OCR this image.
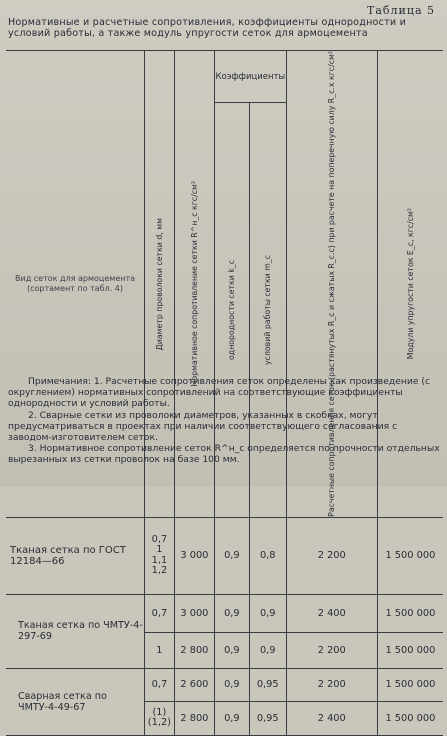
Таблица 5
Нормативные и расчетные сопротивления, коэффициенты однородности и условий работы, а также модуль упругости сеток для армоцемента
Вид сеток для армоцемента (сортамент по табл. 4)	Диаметр проволоки сетки d, мм	Нормативное сопротивление сетки R^н_с кгс/см²	Коэффициенты		Расчетные сопротивления сеток (растянутых R_с и сжатых R_с.с) при расчете на поперечную силу R_с.х кгс/см²	Модули упругости сеток E_с, кгс/см²

			однородности сетки k_с	условий работы сетки m_с		

Тканая сетка по ГОСТ 12184—66	0,7
1
1,1
1,2	3 000	0,9	0,8	2 200	1 500 000
Тканая сетка по ЧМТУ-4-297-69	0,7	3 000	0,9	0,9	2 400	1 500 000
	1	2 800	0,9	0,9	2 200	1 500 000
Сварная сетка по ЧМТУ-4-49-67	0,7	2 600	0,9	0,95	2 200	1 500 000

	(1)
(1,2)	2 800	0,9	0,95	2 400	1 500 000

Примечания: 1. Расчетные сопротивления сеток определены как произведение (с округлением) нормативных сопротивлений на соответствующие коэффициенты однородности и условий работы.

2. Сварные сетки из проволоки диаметров, указанных в скобках, могут предусматриваться в проектах при наличии соответствующего согласования с заводом-изготовителем сеток.

3. Нормативное сопротивление сеток R^н_с определяется по прочности отдельных вырезанных из сетки проволок на базе 100 мм.
